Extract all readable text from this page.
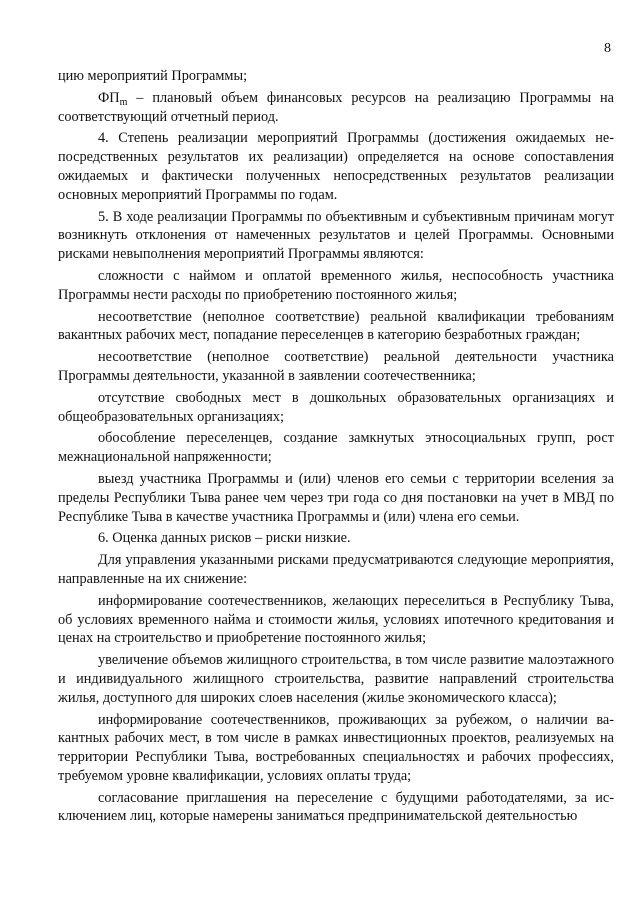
8

цию мероприятий Программы;

$ФП_m$ – плановый объем финансовых ресурсов на реализацию Программы на соответствующий отчетный период.

4. Степень реализации мероприятий Программы (достижения ожидаемых непосредственных результатов их реализации) определяется на основе сопоставления ожидаемых и фактически полученных непосредственных результатов реализации основных мероприятий Программы по годам.

5. В ходе реализации Программы по объективным и субъективным причинам могут возникнуть отклонения от намеченных результатов и целей Программы. Основными рисками невыполнения мероприятий Программы являются:

сложности с наймом и оплатой временного жилья, неспособность участника Программы нести расходы по приобретению постоянного жилья;

несоответствие (неполное соответствие) реальной квалификации требованиям вакантных рабочих мест, попадание переселенцев в категорию безработных граждан;

несоответствие (неполное соответствие) реальной деятельности участника Программы деятельности, указанной в заявлении соотечественника;

отсутствие свободных мест в дошкольных образовательных организациях и общеобразовательных организациях;

обособление переселенцев, создание замкнутых этносоциальных групп, рост межнациональной напряженности;

выезд участника Программы и (или) членов его семьи с территории вселения за пределы Республики Тыва ранее чем через три года со дня постановки на учет в МВД по Республике Тыва в качестве участника Программы и (или) члена его семьи.

6. Оценка данных рисков – риски низкие.

Для управления указанными рисками предусматриваются следующие мероприятия, направленные на их снижение:

информирование соотечественников, желающих переселиться в Республику Тыва, об условиях временного найма и стоимости жилья, условиях ипотечного кредитования и ценах на строительство и приобретение постоянного жилья;

увеличение объемов жилищного строительства, в том числе развитие малоэтажного и индивидуального жилищного строительства, развитие направлений строительства жилья, доступного для широких слоев населения (жилье экономического класса);

информирование соотечественников, проживающих за рубежом, о наличии вакантных рабочих мест, в том числе в рамках инвестиционных проектов, реализуемых на территории Республики Тыва, востребованных специальностях и рабочих профессиях, требуемом уровне квалификации, условиях оплаты труда;

согласование приглашения на переселение с будущими работодателями, за исключением лиц, которые намерены заниматься предпринимательской деятельностью
